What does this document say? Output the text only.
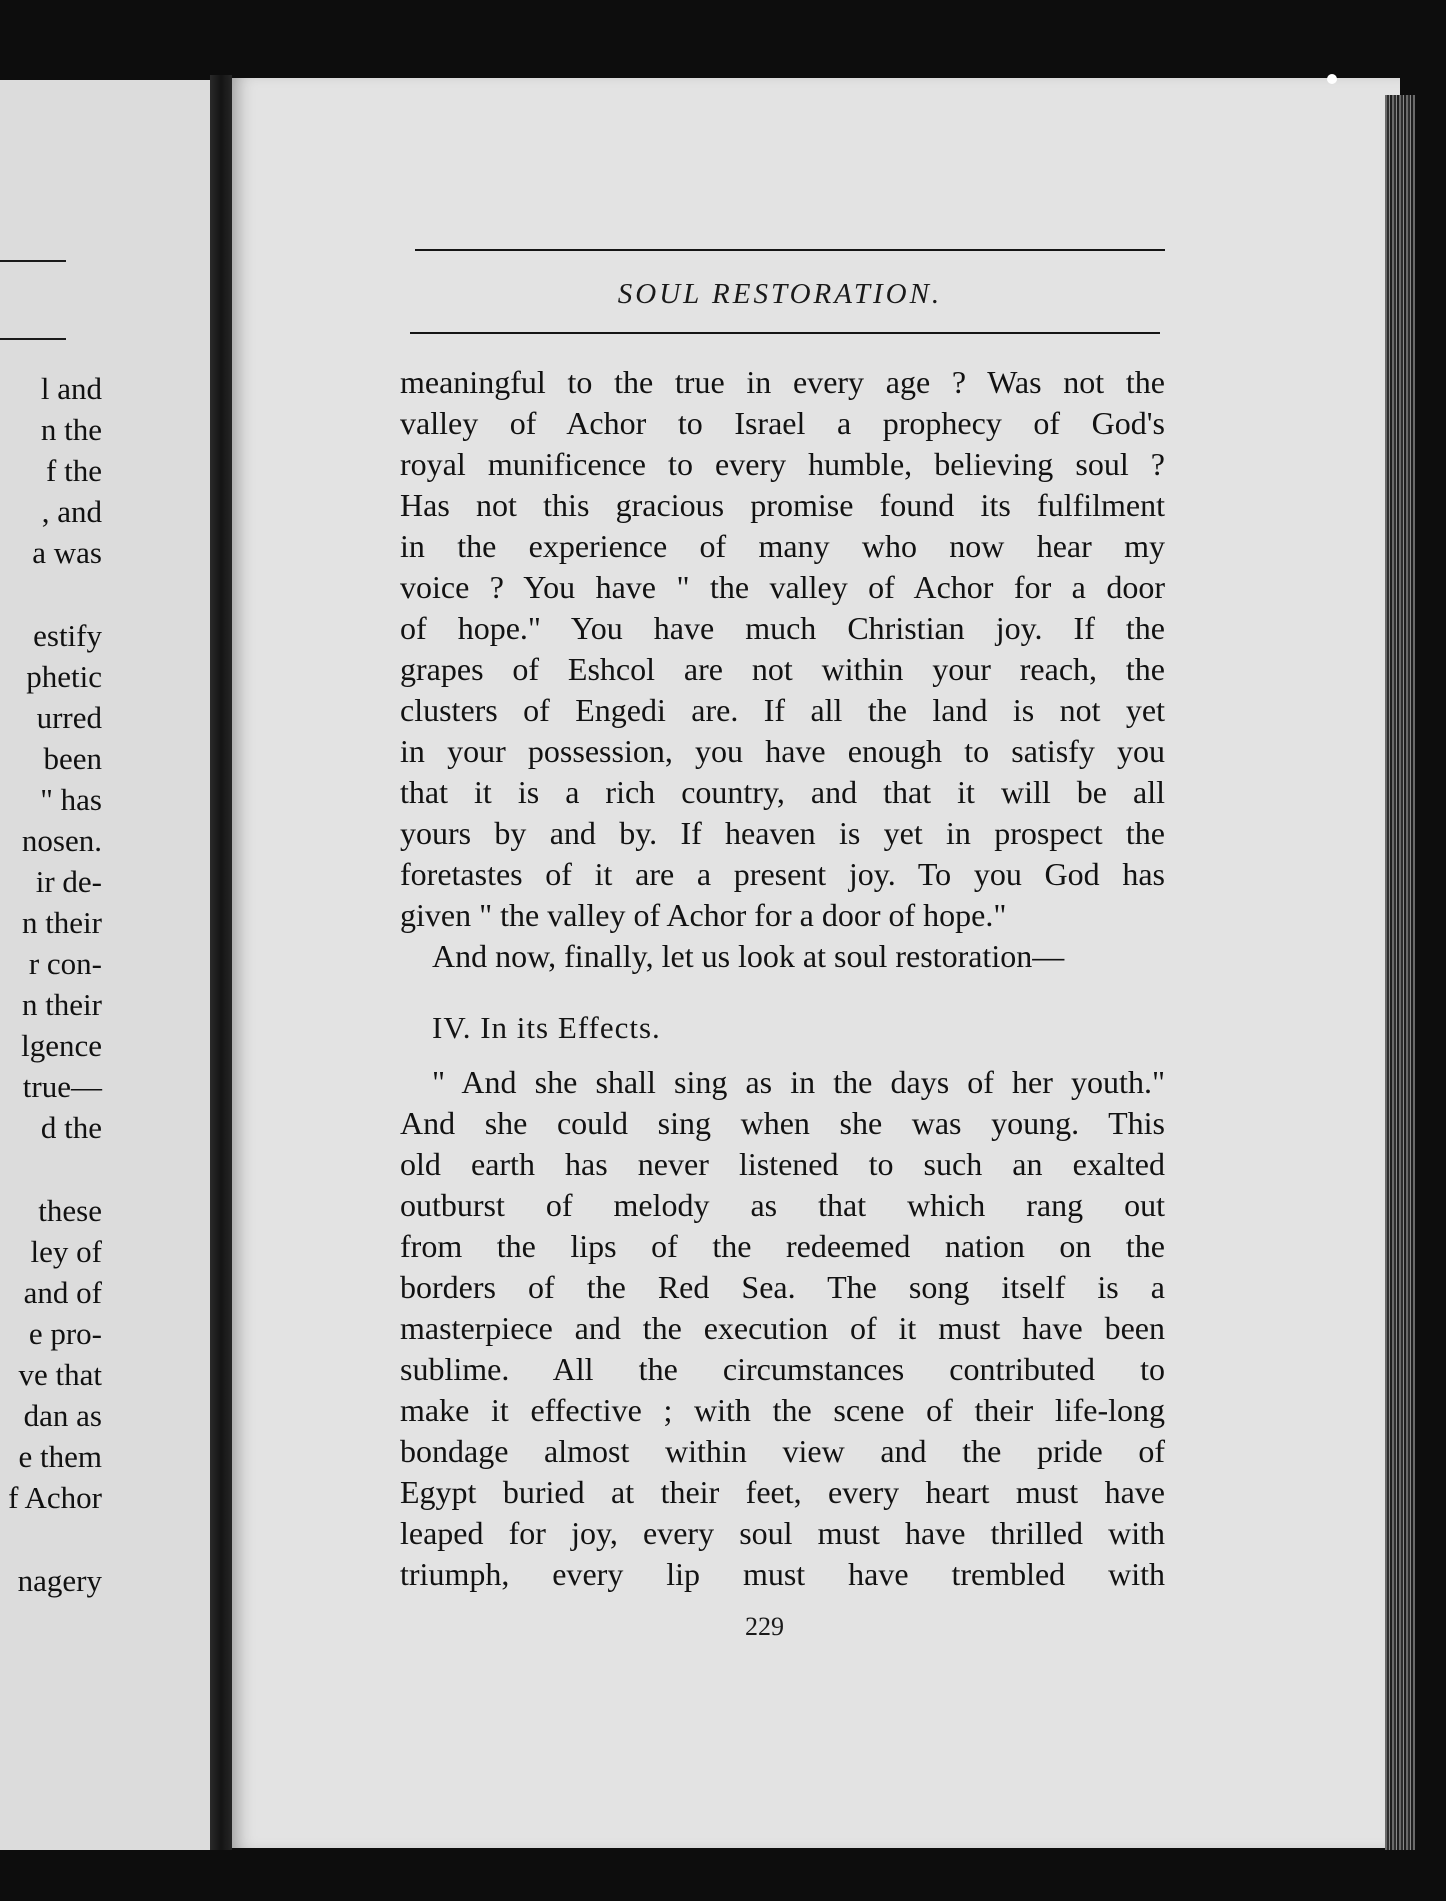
l and
n the
f the
, and
a was
estify
phetic
urred
been
" has
nosen.
ir de-
n their
r con-
n their
lgence
true—
d the
these
ley of
and of
e pro-
ve that
dan as
e them
f Achor
nagery
SOUL RESTORATION.
meaningful to the true in every age ? Was not the
valley of Achor to Israel a prophecy of God's
royal munificence to every humble, believing soul ?
Has not this gracious promise found its fulfilment
in the experience of many who now hear my
voice ? You have " the valley of Achor for a door
of hope." You have much Christian joy. If the
grapes of Eshcol are not within your reach, the
clusters of Engedi are. If all the land is not yet
in your possession, you have enough to satisfy you
that it is a rich country, and that it will be all
yours by and by. If heaven is yet in prospect the
foretastes of it are a present joy. To you God has
given " the valley of Achor for a door of hope."
And now, finally, let us look at soul restoration—
" And she shall sing as in the days of her youth."
And she could sing when she was young. This
old earth has never listened to such an exalted
outburst of melody as that which rang out
from the lips of the redeemed nation on the
borders of the Red Sea. The song itself is a
masterpiece and the execution of it must have been
sublime. All the circumstances contributed to
make it effective ; with the scene of their life-long
bondage almost within view and the pride of
Egypt buried at their feet, every heart must have
leaped for joy, every soul must have thrilled with
triumph, every lip must have trembled with
IV. In its Effects.
229
